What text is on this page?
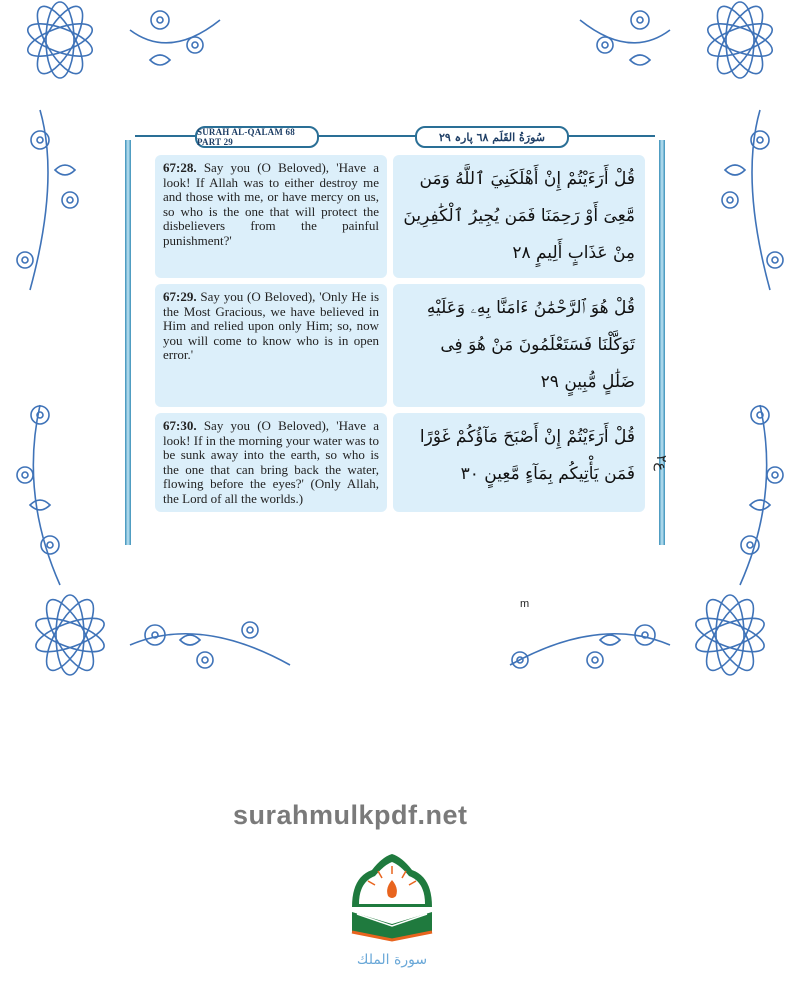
SURAH AL-QALAM 68 PART 29	سُورَةُ القَلَم ٦٨ پارہ ٢٩
67:28. Say you (O Beloved), 'Have a look! If Allah was to either destroy me and those with me, or have mercy on us, so who is the one that will protect the disbelievers from the painful punishment?'
قُلْ أَرَءَيْتُمْ إِنْ أَهْلَكَنِيَ ٱللَّهُ وَمَن مَّعِىَ أَوْ رَحِمَنَا فَمَن يُجِيرُ ٱلْكَٰفِرِينَ مِنْ عَذَابٍ أَلِيمٍ ٢٨
67:29. Say you (O Beloved), 'Only He is the Most Gracious, we have believed in Him and relied upon only Him; so, now you will come to know who is in open error.'
قُلْ هُوَ ٱلرَّحْمَٰنُ ءَامَنَّا بِهِۦ وَعَلَيْهِ تَوَكَّلْنَا فَسَتَعْلَمُونَ مَنْ هُوَ فِى ضَلَٰلٍ مُّبِينٍ ٢٩
67:30. Say you (O Beloved), 'Have a look! If in the morning your water was to be sunk away into the earth, so who is the one that can bring back the water, flowing before the eyes?' (Only Allah, the Lord of all the worlds.)
قُلْ أَرَءَيْتُمْ إِنْ أَصْبَحَ مَآؤُكُمْ غَوْرًا فَمَن يَأْتِيكُم بِمَآءٍ مَّعِينٍ ٣٠
ع٢
m
surahmulkpdf.net
سورة الملك
